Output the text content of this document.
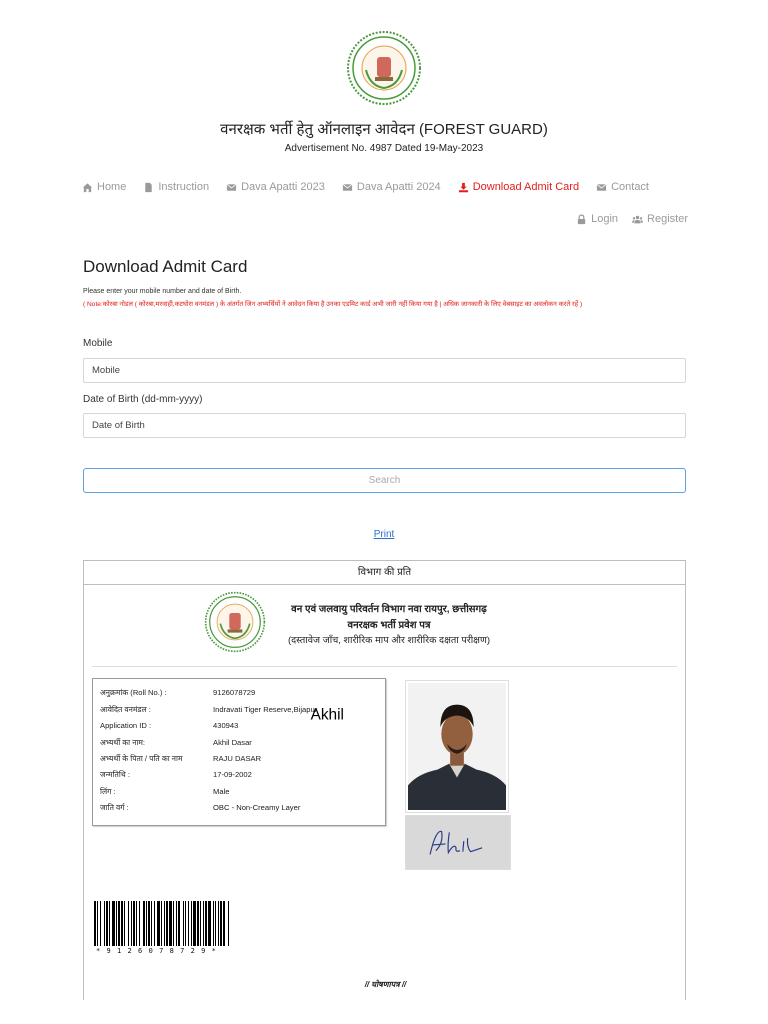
वनरक्षक भर्ती हेतु ऑनलाइन आवेदन (FOREST GUARD)
Advertisement No. 4987 Dated 19-May-2023
Home	Instruction	Dava Apatti 2023	Dava Apatti 2024	Download Admit Card	Contact
Login	Register
Download Admit Card
Please enter your mobile number and date of Birth.
( Note:कोरबा नोडल ( कोरबा,मरवाही,कटघोरा वनमंडल ) के अंतर्गत जिन अभ्यर्थियों ने आवेदन किया है उनका एडमिट कार्ड अभी जारी नहीं किया गया है | अधिक जानकारी के लिए वेबसाइट का अवलोकन करते रहें )
Mobile
Mobile
Date of Birth (dd-mm-yyyy)
Date of Birth
Search
Print
विभाग की प्रति
वन एवं जलवायु परिवर्तन विभाग नवा रायपुर, छत्तीसगढ़
वनरक्षक भर्ती प्रवेश पत्र
(दस्तावेज जाँच, शारीरिक माप और शारीरिक दक्षता परीक्षण)
अनुक्रमांक (Roll No.) :	9126078729
आवेदित वनमंडल :	Indravati Tiger Reserve,Bijapur
Application ID :	430943
अभ्यर्थी का नाम:	Akhil Dasar
अभ्यर्थी के पिता / पति का नाम	RAJU DASAR
जन्मतिथि :	17-09-2002
लिंग :	Male
जाति वर्ग :	OBC - Non-Creamy Layer
Akhil
*9126078729*
// घोषणापत्र //
